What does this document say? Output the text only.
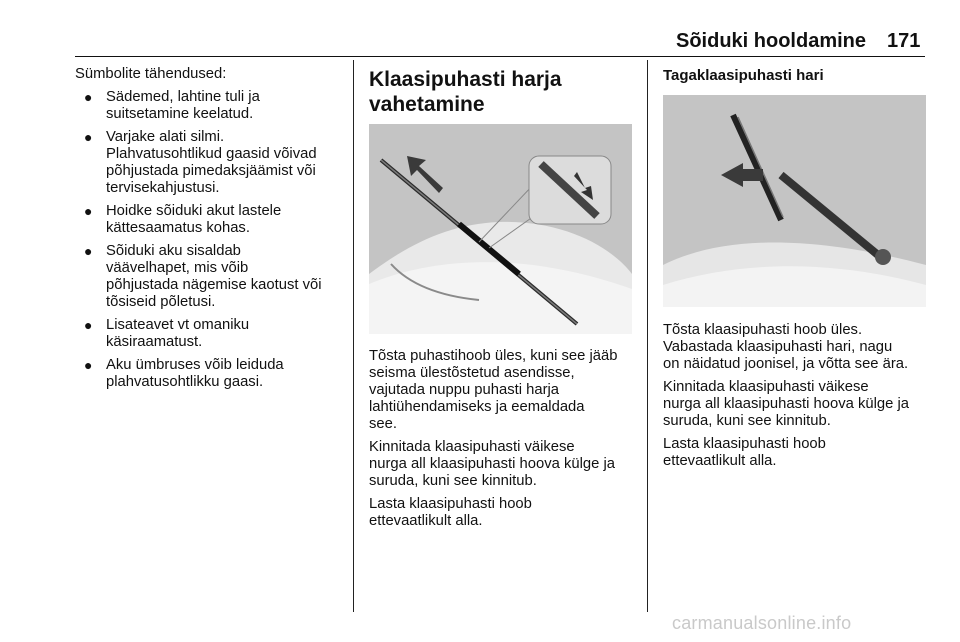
Sõiduki hooldamine 171
Sümbolite tähendused:
● Sädemed, lahtine tuli ja
suitsetamine keelatud.
● Varjake alati silmi.
Plahvatusohtlikud gaasid võivad
põhjustada pimedaksjäämist või
tervisekahjustusi.
● Hoidke sõiduki akut lastele
kättesaamatus kohas.
● Sõiduki aku sisaldab
väävelhapet, mis võib
põhjustada nägemise kaotust või
tõsiseid põletusi.
● Lisateavet vt omaniku
käsiraamatust.
● Aku ümbruses võib leiduda
plahvatusohtlikku gaasi.
Klaasipuhasti harja
vahetamine

Tõsta puhastihoob üles, kuni see jääb
seisma ülestõstetud asendisse,
vajutada nuppu puhasti harja
lahtiühendamiseks ja eemaldada
see.

Kinnitada klaasipuhasti väikese
nurga all klaasipuhasti hoova külge ja
suruda, kuni see kinnitub.

Lasta klaasipuhasti hoob
ettevaatlikult alla.

Tagaklaasipuhasti hari

Tõsta klaasipuhasti hoob üles.
Vabastada klaasipuhasti hari, nagu
on näidatud joonisel, ja võtta see ära.

Kinnitada klaasipuhasti väikese
nurga all klaasipuhasti hoova külge ja
suruda, kuni see kinnitub.

Lasta klaasipuhasti hoob
ettevaatlikult alla.

carmanualsonline.info
